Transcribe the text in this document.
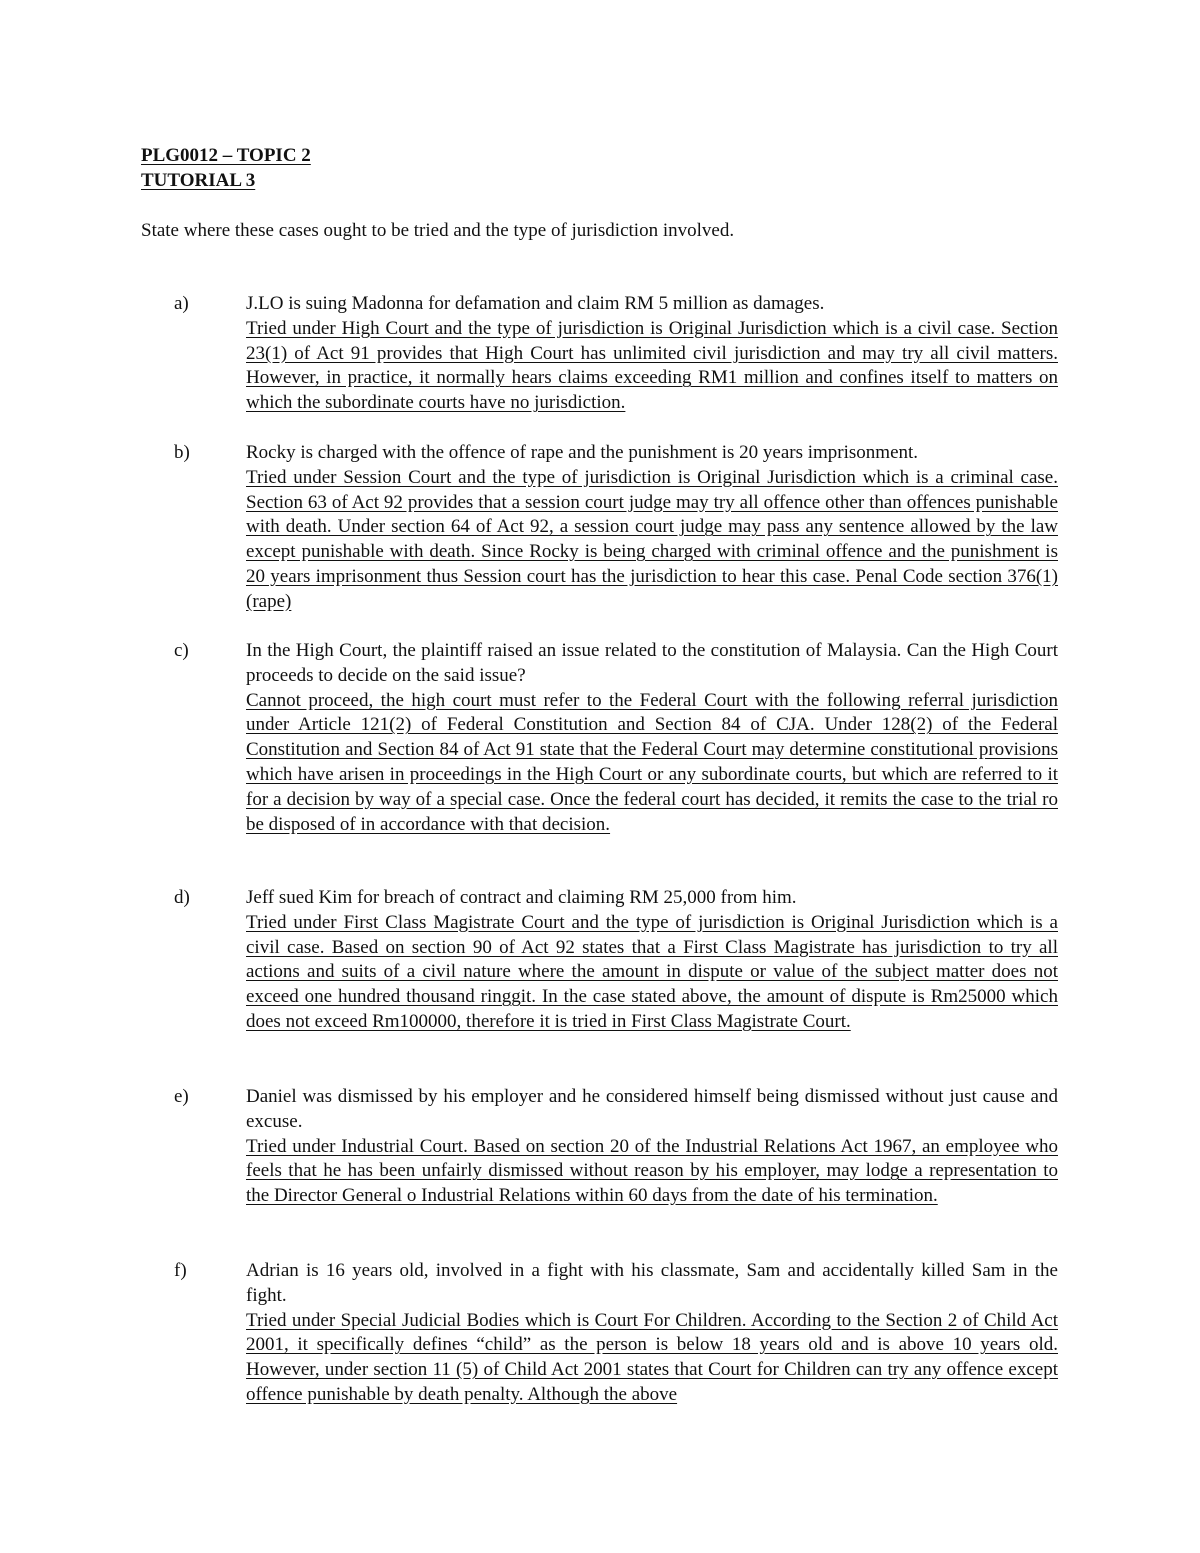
PLG0012 – TOPIC 2
TUTORIAL 3
State where these cases ought to be tried and the type of jurisdiction involved.
a)	J.LO is suing Madonna for defamation and claim RM 5 million as damages.
Tried under High Court and the type of jurisdiction is Original Jurisdiction which is a civil case. Section 23(1) of Act 91 provides that High Court has unlimited civil jurisdiction and may try all civil matters. However, in practice, it normally hears claims exceeding RM1 million and confines itself to matters on which the subordinate courts have no jurisdiction.
b)	Rocky is charged with the offence of rape and the punishment is 20 years imprisonment.
Tried under Session Court and the type of jurisdiction is Original Jurisdiction which is a criminal case. Section 63 of Act 92 provides that a session court judge may try all offence other than offences punishable with death. Under section 64 of Act 92, a session court judge may pass any sentence allowed by the law except punishable with death. Since Rocky is being charged with criminal offence and the punishment is 20 years imprisonment thus Session court has the jurisdiction to hear this case. Penal Code section 376(1) (rape)
c)	In the High Court, the plaintiff raised an issue related to the constitution of Malaysia. Can the High Court proceeds to decide on the said issue?
Cannot proceed, the high court must refer to the Federal Court with the following referral jurisdiction under Article 121(2) of Federal Constitution and Section 84 of CJA. Under 128(2) of the Federal Constitution and Section 84 of Act 91 state that the Federal Court may determine constitutional provisions which have arisen in proceedings in the High Court or any subordinate courts, but which are referred to it for a decision by way of a special case. Once the federal court has decided, it remits the case to the trial ro be disposed of in accordance with that decision.
d)	Jeff sued Kim for breach of contract and claiming RM 25,000 from him.
Tried under First Class Magistrate Court and the type of jurisdiction is Original Jurisdiction which is a civil case. Based on section 90 of Act 92 states that a First Class Magistrate has jurisdiction to try all actions and suits of a civil nature where the amount in dispute or value of the subject matter does not exceed one hundred thousand ringgit. In the case stated above, the amount of dispute is Rm25000 which does not exceed Rm100000, therefore it is tried in First Class Magistrate Court.
e)	Daniel was dismissed by his employer and he considered himself being dismissed without just cause and excuse.
Tried under Industrial Court. Based on section 20 of the Industrial Relations Act 1967, an employee who feels that he has been unfairly dismissed without reason by his employer, may lodge a representation to the Director General o Industrial Relations within 60 days from the date of his termination.
f)	Adrian is 16 years old, involved in a fight with his classmate, Sam and accidentally killed Sam in the fight.
Tried under Special Judicial Bodies which is Court For Children. According to the Section 2 of Child Act 2001, it specifically defines “child” as the person is below 18 years old and is above 10 years old. However, under section 11 (5) of Child Act 2001 states that Court for Children can try any offence except offence punishable by death penalty. Although the above
